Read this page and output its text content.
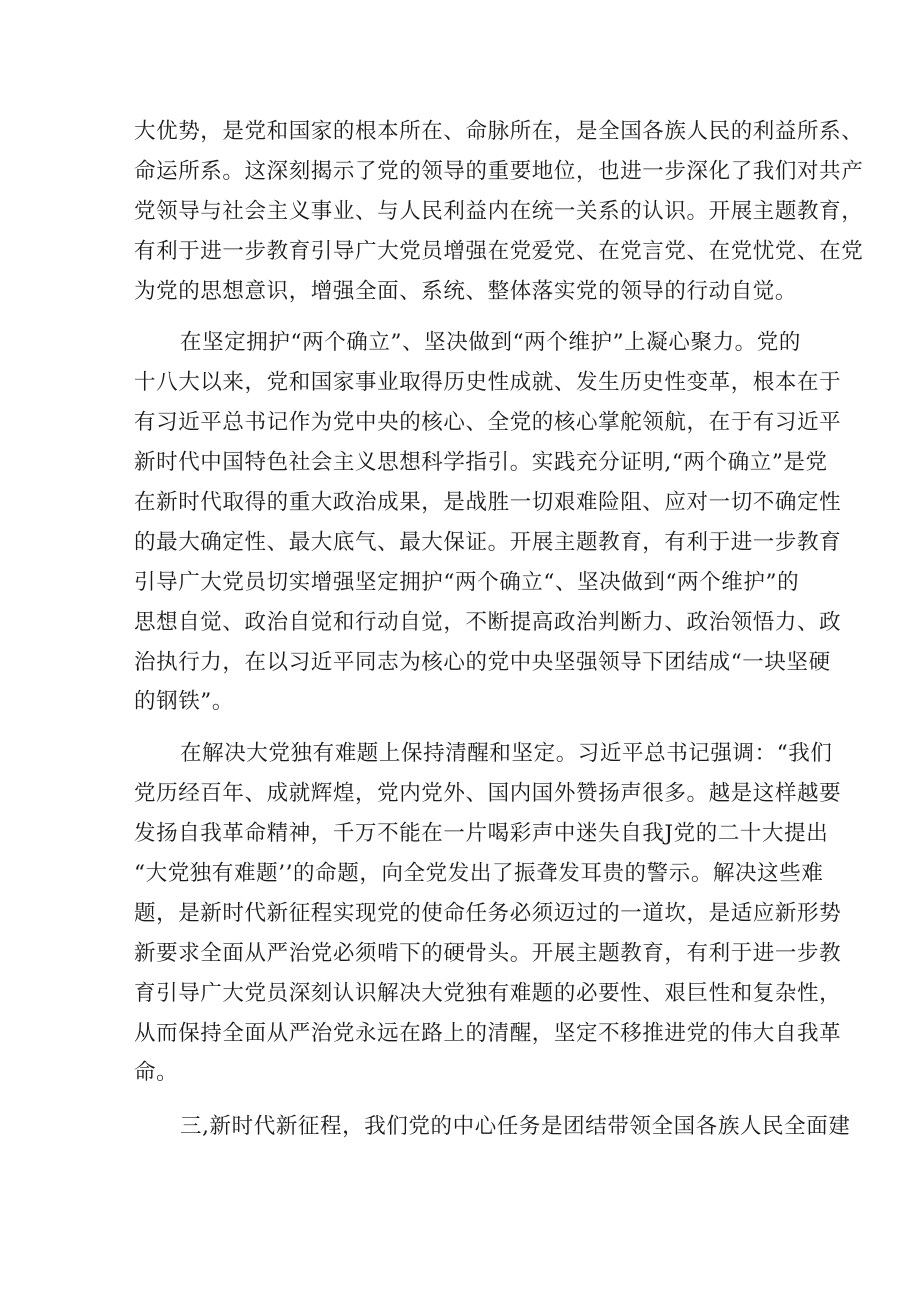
大优势，是党和国家的根本所在、命脉所在，是全国各族人民的利益所系、
命运所系。这深刻揭示了党的领导的重要地位，也进一步深化了我们对共产
党领导与社会主义事业、与人民利益内在统一关系的认识。开展主题教育，
有利于进一步教育引导广大党员增强在党爱党、在党言党、在党忧党、在党
为党的思想意识，增强全面、系统、整体落实党的领导的行动自觉。
在坚定拥护“两个确立”、坚决做到“两个维护”上凝心聚力。党的
十八大以来，党和国家事业取得历史性成就、发生历史性变革，根本在于
有习近平总书记作为党中央的核心、全党的核心掌舵领航，在于有习近平
新时代中国特色社会主义思想科学指引。实践充分证明,“两个确立”是党
在新时代取得的重大政治成果，是战胜一切艰难险阻、应对一切不确定性
的最大确定性、最大底气、最大保证。开展主题教育，有利于进一步教育
引导广大党员切实增强坚定拥护“两个确立“、坚决做到“两个维护”的
思想自觉、政治自觉和行动自觉，不断提高政治判断力、政治领悟力、政
治执行力，在以习近平同志为核心的党中央坚强领导下团结成“一块坚硬
的钢铁”。
在解决大党独有难题上保持清醒和坚定。习近平总书记强调：“我们
党历经百年、成就辉煌，党内党外、国内国外赞扬声很多。越是这样越要
发扬自我革命精神，千万不能在一片喝彩声中迷失自我J党的二十大提出
“大党独有难题’’的命题，向全党发出了振聋发耳贵的警示。解决这些难
题，是新时代新征程实现党的使命任务必须迈过的一道坎，是适应新形势
新要求全面从严治党必须啃下的硬骨头。开展主题教育，有利于进一步教
育引导广大党员深刻认识解决大党独有难题的必要性、艰巨性和复杂性，
从而保持全面从严治党永远在路上的清醒，坚定不移推进党的伟大自我革
命。
三,新时代新征程，我们党的中心任务是团结带领全国各族人民全面建
